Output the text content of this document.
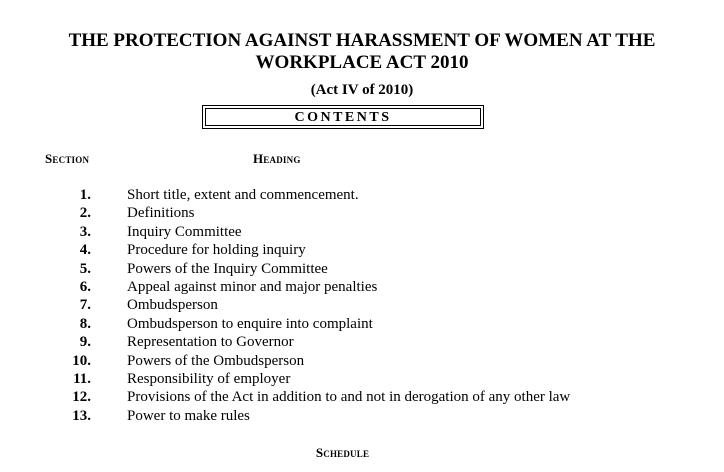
THE PROTECTION AGAINST HARASSMENT OF WOMEN AT THE
WORKPLACE ACT 2010
(Act IV of 2010)
CONTENTS
Section	Heading
1. Short title, extent and commencement.
2. Definitions
3. Inquiry Committee
4. Procedure for holding inquiry
5. Powers of the Inquiry Committee
6. Appeal against minor and major penalties
7. Ombudsperson
8. Ombudsperson to enquire into complaint
9. Representation to Governor
10. Powers of the Ombudsperson
11. Responsibility of employer
12. Provisions of the Act in addition to and not in derogation of any other law
13. Power to make rules
Schedule
